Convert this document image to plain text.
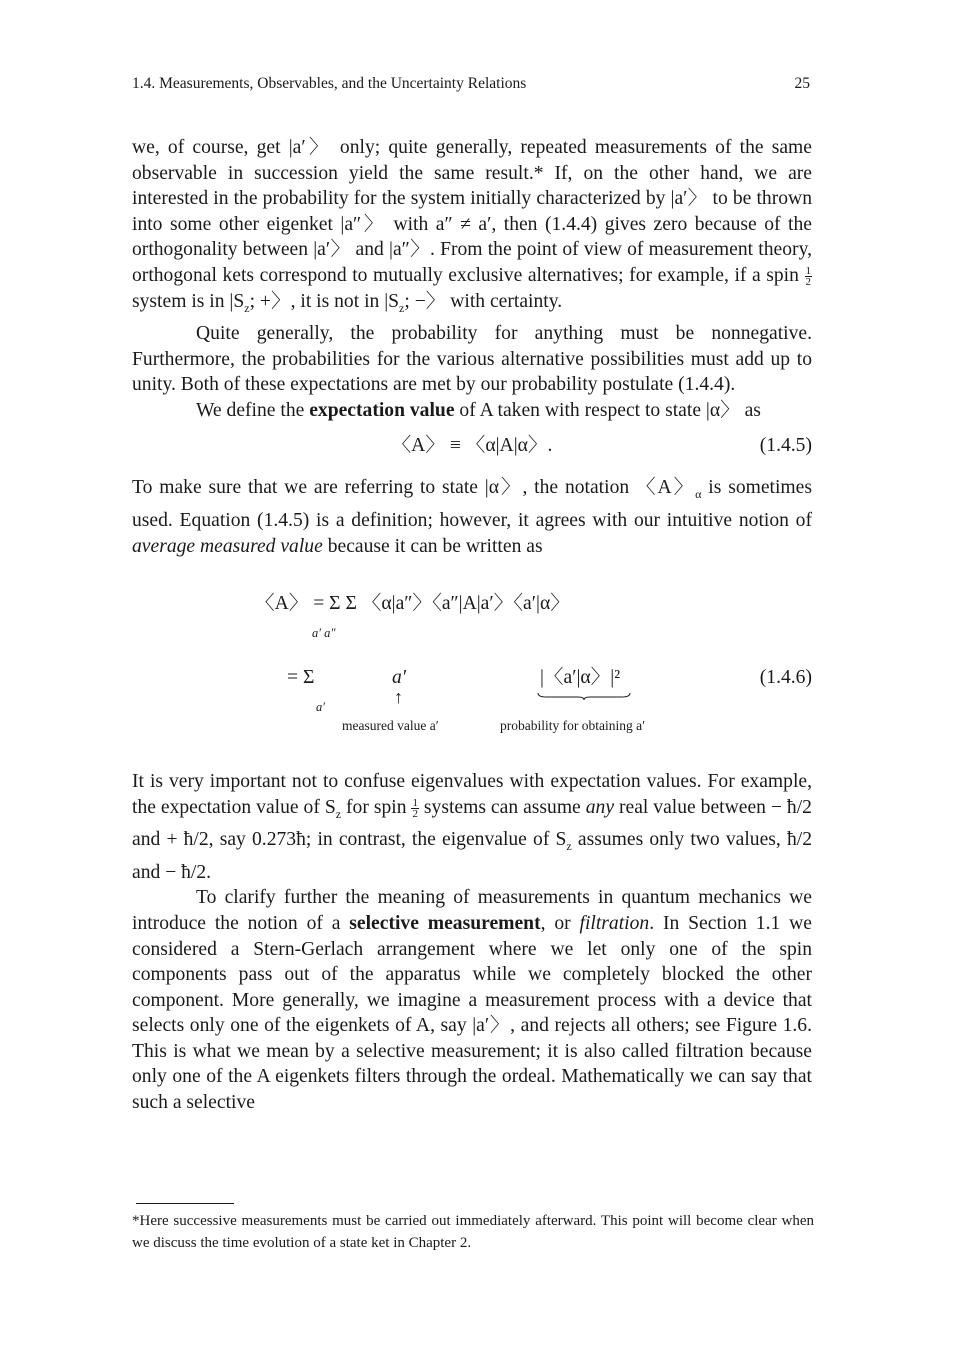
1.4. Measurements, Observables, and the Uncertainty Relations	25

we, of course, get |a′〉 only; quite generally, repeated measurements of the same observable in succession yield the same result.* If, on the other hand, we are interested in the probability for the system initially characterized by |a′〉 to be thrown into some other eigenket |a″〉 with a″ ≠ a′, then (1.4.4) gives zero because of the orthogonality between |a′〉 and |a″〉. From the point of view of measurement theory, orthogonal kets correspond to mutually exclusive alternatives; for example, if a spin $\frac{1}{2}$
system is in $|S_z$; +〉, it is not in $|S_z$; −〉 with certainty.

Quite generally, the probability for anything must be nonnegative. Furthermore, the probabilities for the various alternative possibilities must add up to unity. Both of these expectations are met by our probability postulate (1.4.4).

We define the expectation value of A taken with respect to state |α〉 as

〈A〉 ≡ 〈α|A|α〉.	(1.4.5)

To make sure that we are referring to state |α〉, the notation 〈A〉$_\alpha$ is sometimes used. Equation (1.4.5) is a definition; however, it agrees with our intuitive notion of average measured value because it can be written as

〈A〉 = Σ Σ 〈α|a″〉〈a″|A|a′〉〈a′|α〉
a′ a″
= Σ
a′
a′
↑
measured value a′
|〈a′|α〉|²
probability for obtaining a′
(1.4.6)

It is very important not to confuse eigenvalues with expectation values. For example, the expectation value of $S_z$ for spin $\frac{1}{2}$ systems can assume any real value between − ħ/2 and + ħ/2, say 0.273ħ; in contrast, the eigenvalue of $S_z$ assumes only two values, ħ/2 and − ħ/2.

To clarify further the meaning of measurements in quantum mechanics we introduce the notion of a selective measurement, or filtration. In Section 1.1 we considered a Stern-Gerlach arrangement where we let only one of the spin components pass out of the apparatus while we completely blocked the other component. More generally, we imagine a measurement process with a device that selects only one of the eigenkets of A, say |a′〉, and rejects all others; see Figure 1.6. This is what we mean by a selective measurement; it is also called filtration because only one of the A eigenkets filters through the ordeal. Mathematically we can say that such a selective

*Here successive measurements must be carried out immediately afterward. This point will become clear when we discuss the time evolution of a state ket in Chapter 2.
